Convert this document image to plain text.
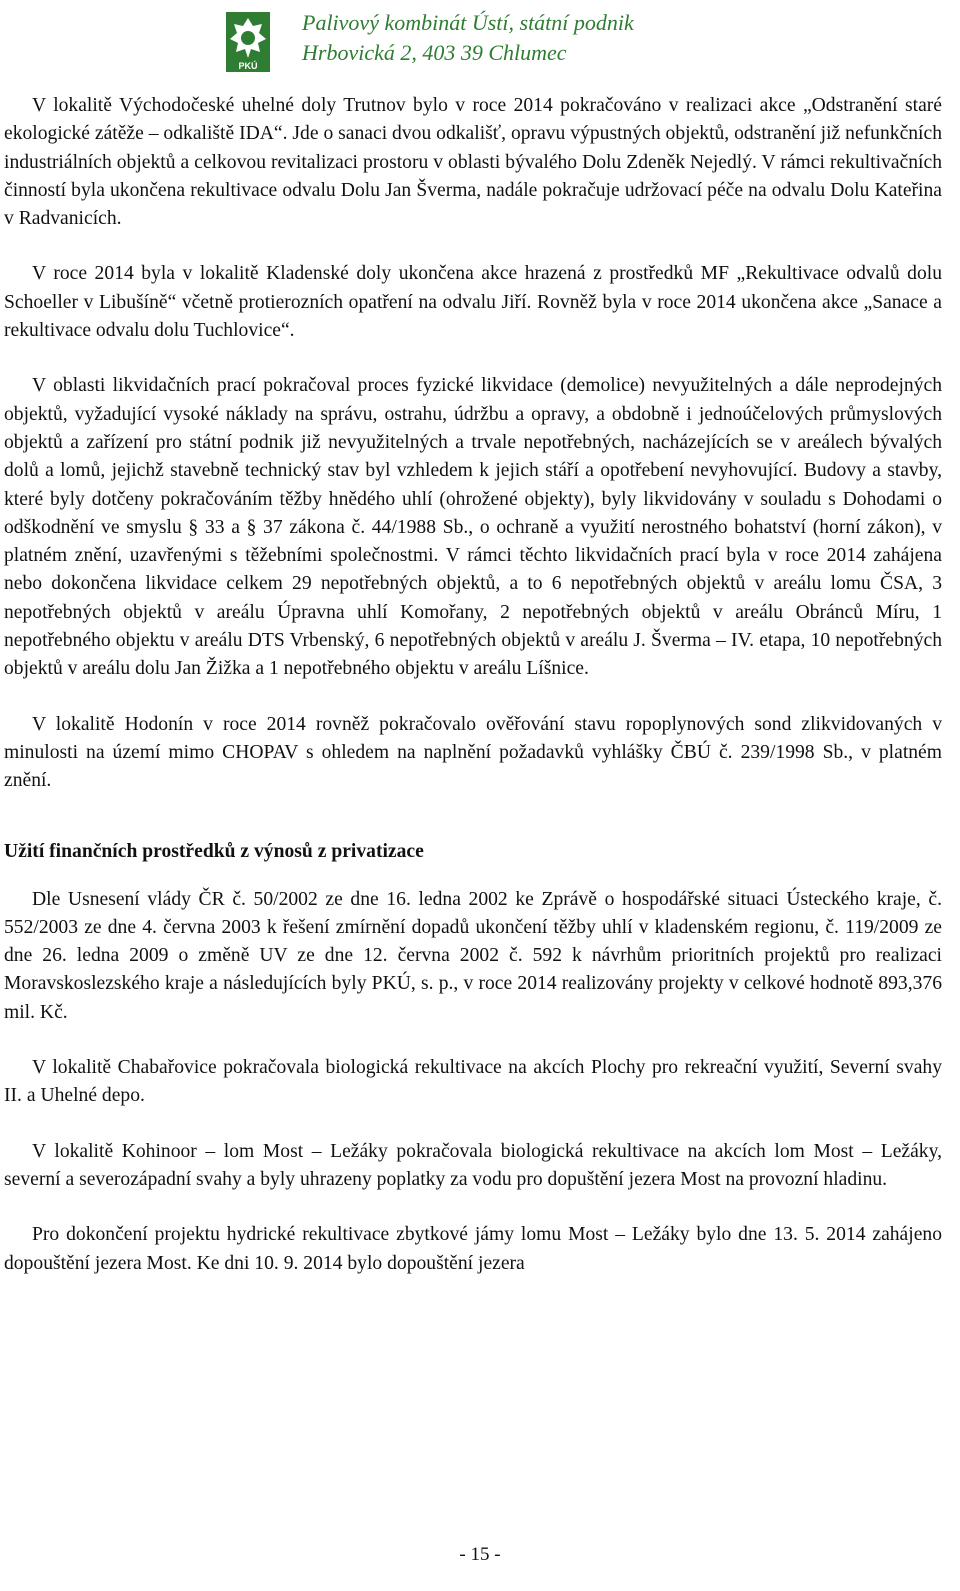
PKÚ
Palivový kombinát Ústí, státní podnik
Hrbovická 2, 403 39 Chlumec

V lokalitě Východočeské uhelné doly Trutnov bylo v roce 2014 pokračováno v realizaci akce „Odstranění staré ekologické zátěže – odkaliště IDA“. Jde o sanaci dvou odkališť, opravu výpustných objektů, odstranění již nefunkčních industriálních objektů a celkovou revitalizaci prostoru v oblasti bývalého Dolu Zdeněk Nejedlý. V rámci rekultivačních činností byla ukončena rekultivace odvalu Dolu Jan Šverma, nadále pokračuje udržovací péče na odvalu Dolu Kateřina v Radvanicích.

V roce 2014 byla v lokalitě Kladenské doly ukončena akce hrazená z prostředků MF „Rekultivace odvalů dolu Schoeller v Libušíně“ včetně protierozních opatření na odvalu Jiří. Rovněž byla v roce 2014 ukončena akce „Sanace a rekultivace odvalu dolu Tuchlovice“.

V oblasti likvidačních prací pokračoval proces fyzické likvidace (demolice) nevyužitelných a dále neprodejných objektů, vyžadující vysoké náklady na správu, ostrahu, údržbu a opravy, a obdobně i jednoúčelových průmyslových objektů a zařízení pro státní podnik již nevyužitelných a trvale nepotřebných, nacházejících se v areálech bývalých dolů a lomů, jejichž stavebně technický stav byl vzhledem k jejich stáří a opotřebení nevyhovující. Budovy a stavby, které byly dotčeny pokračováním těžby hnědého uhlí (ohrožené objekty), byly likvidovány v souladu s Dohodami o odškodnění ve smyslu § 33 a § 37 zákona č. 44/1988 Sb., o ochraně a využití nerostného bohatství (horní zákon), v platném znění, uzavřenými s těžebními společnostmi. V rámci těchto likvidačních prací byla v roce 2014 zahájena nebo dokončena likvidace celkem 29 nepotřebných objektů, a to 6 nepotřebných objektů v areálu lomu ČSA, 3 nepotřebných objektů v areálu Úpravna uhlí Komořany, 2 nepotřebných objektů v areálu Obránců Míru, 1 nepotřebného objektu v areálu DTS Vrbenský, 6 nepotřebných objektů v areálu J. Šverma – IV. etapa, 10 nepotřebných objektů v areálu dolu Jan Žižka a 1 nepotřebného objektu v areálu Líšnice.

V lokalitě Hodonín v roce 2014 rovněž pokračovalo ověřování stavu ropoplynových sond zlikvidovaných v minulosti na území mimo CHOPAV s ohledem na naplnění požadavků vyhlášky ČBÚ č. 239/1998 Sb., v platném znění.

Užití finančních prostředků z výnosů z privatizace

Dle Usnesení vlády ČR č. 50/2002 ze dne 16. ledna 2002 ke Zprávě o hospodářské situaci Ústeckého kraje, č. 552/2003 ze dne 4. června 2003 k řešení zmírnění dopadů ukončení těžby uhlí v kladenském regionu, č. 119/2009 ze dne 26. ledna 2009 o změně UV ze dne 12. června 2002 č. 592 k návrhům prioritních projektů pro realizaci Moravskoslezského kraje a následujících byly PKÚ, s. p., v roce 2014 realizovány projekty v celkové hodnotě 893,376 mil. Kč.

V lokalitě Chabařovice pokračovala biologická rekultivace na akcích Plochy pro rekreační využití, Severní svahy II. a Uhelné depo.

V lokalitě Kohinoor – lom Most – Ležáky pokračovala biologická rekultivace na akcích lom Most – Ležáky, severní a severozápadní svahy a byly uhrazeny poplatky za vodu pro dopuštění jezera Most na provozní hladinu.

Pro dokončení projektu hydrické rekultivace zbytkové jámy lomu Most – Ležáky bylo dne 13. 5. 2014 zahájeno dopouštění jezera Most. Ke dni 10. 9. 2014 bylo dopouštění jezera

- 15 -
